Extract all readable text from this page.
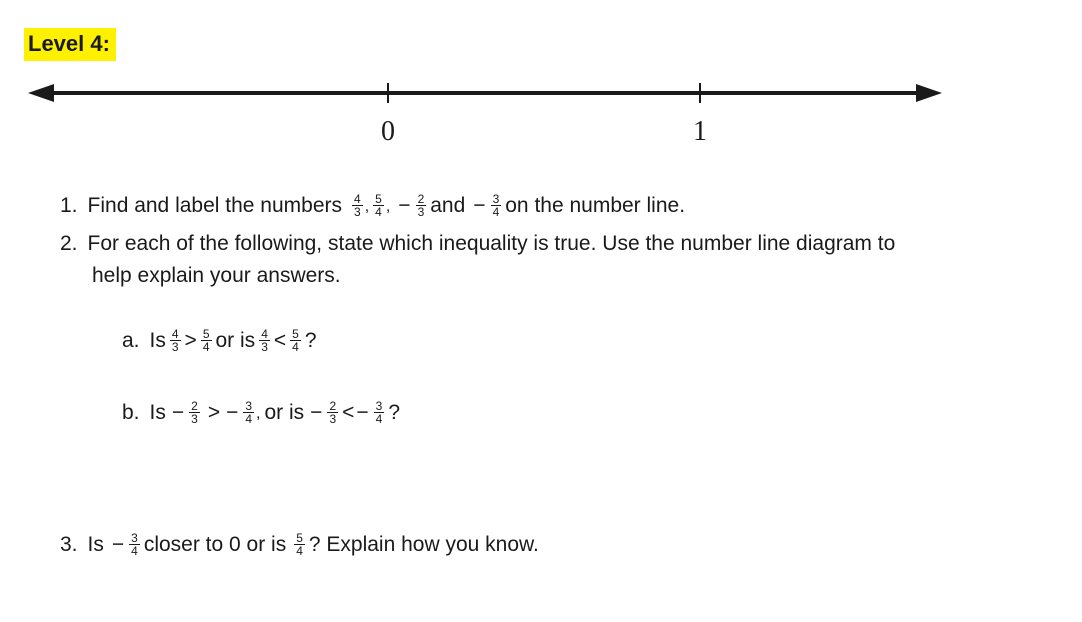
Level 4:
0	1
1. Find and label the numbers $\frac{4}{3}$ , $\frac{5}{4}$ , − $\frac{2}{3}$ and − $\frac{3}{4}$ on the number line.
2. For each of the following, state which inequality is true. Use the number line diagram to
help explain your answers.
a. Is $\frac{4}{3} > \frac{5}{4}$ or is $\frac{4}{3} < \frac{5}{4}$ ?
b. $Is - \frac{2}{3}$ > − $\frac{3}{4}$ , or is − $\frac{2}{3}$ < − $\frac{3}{4}$ ?
3. $Is - \frac{3}{4}$ closer to 0 or is $\frac{5}{4}$ ? Explain how you know.
